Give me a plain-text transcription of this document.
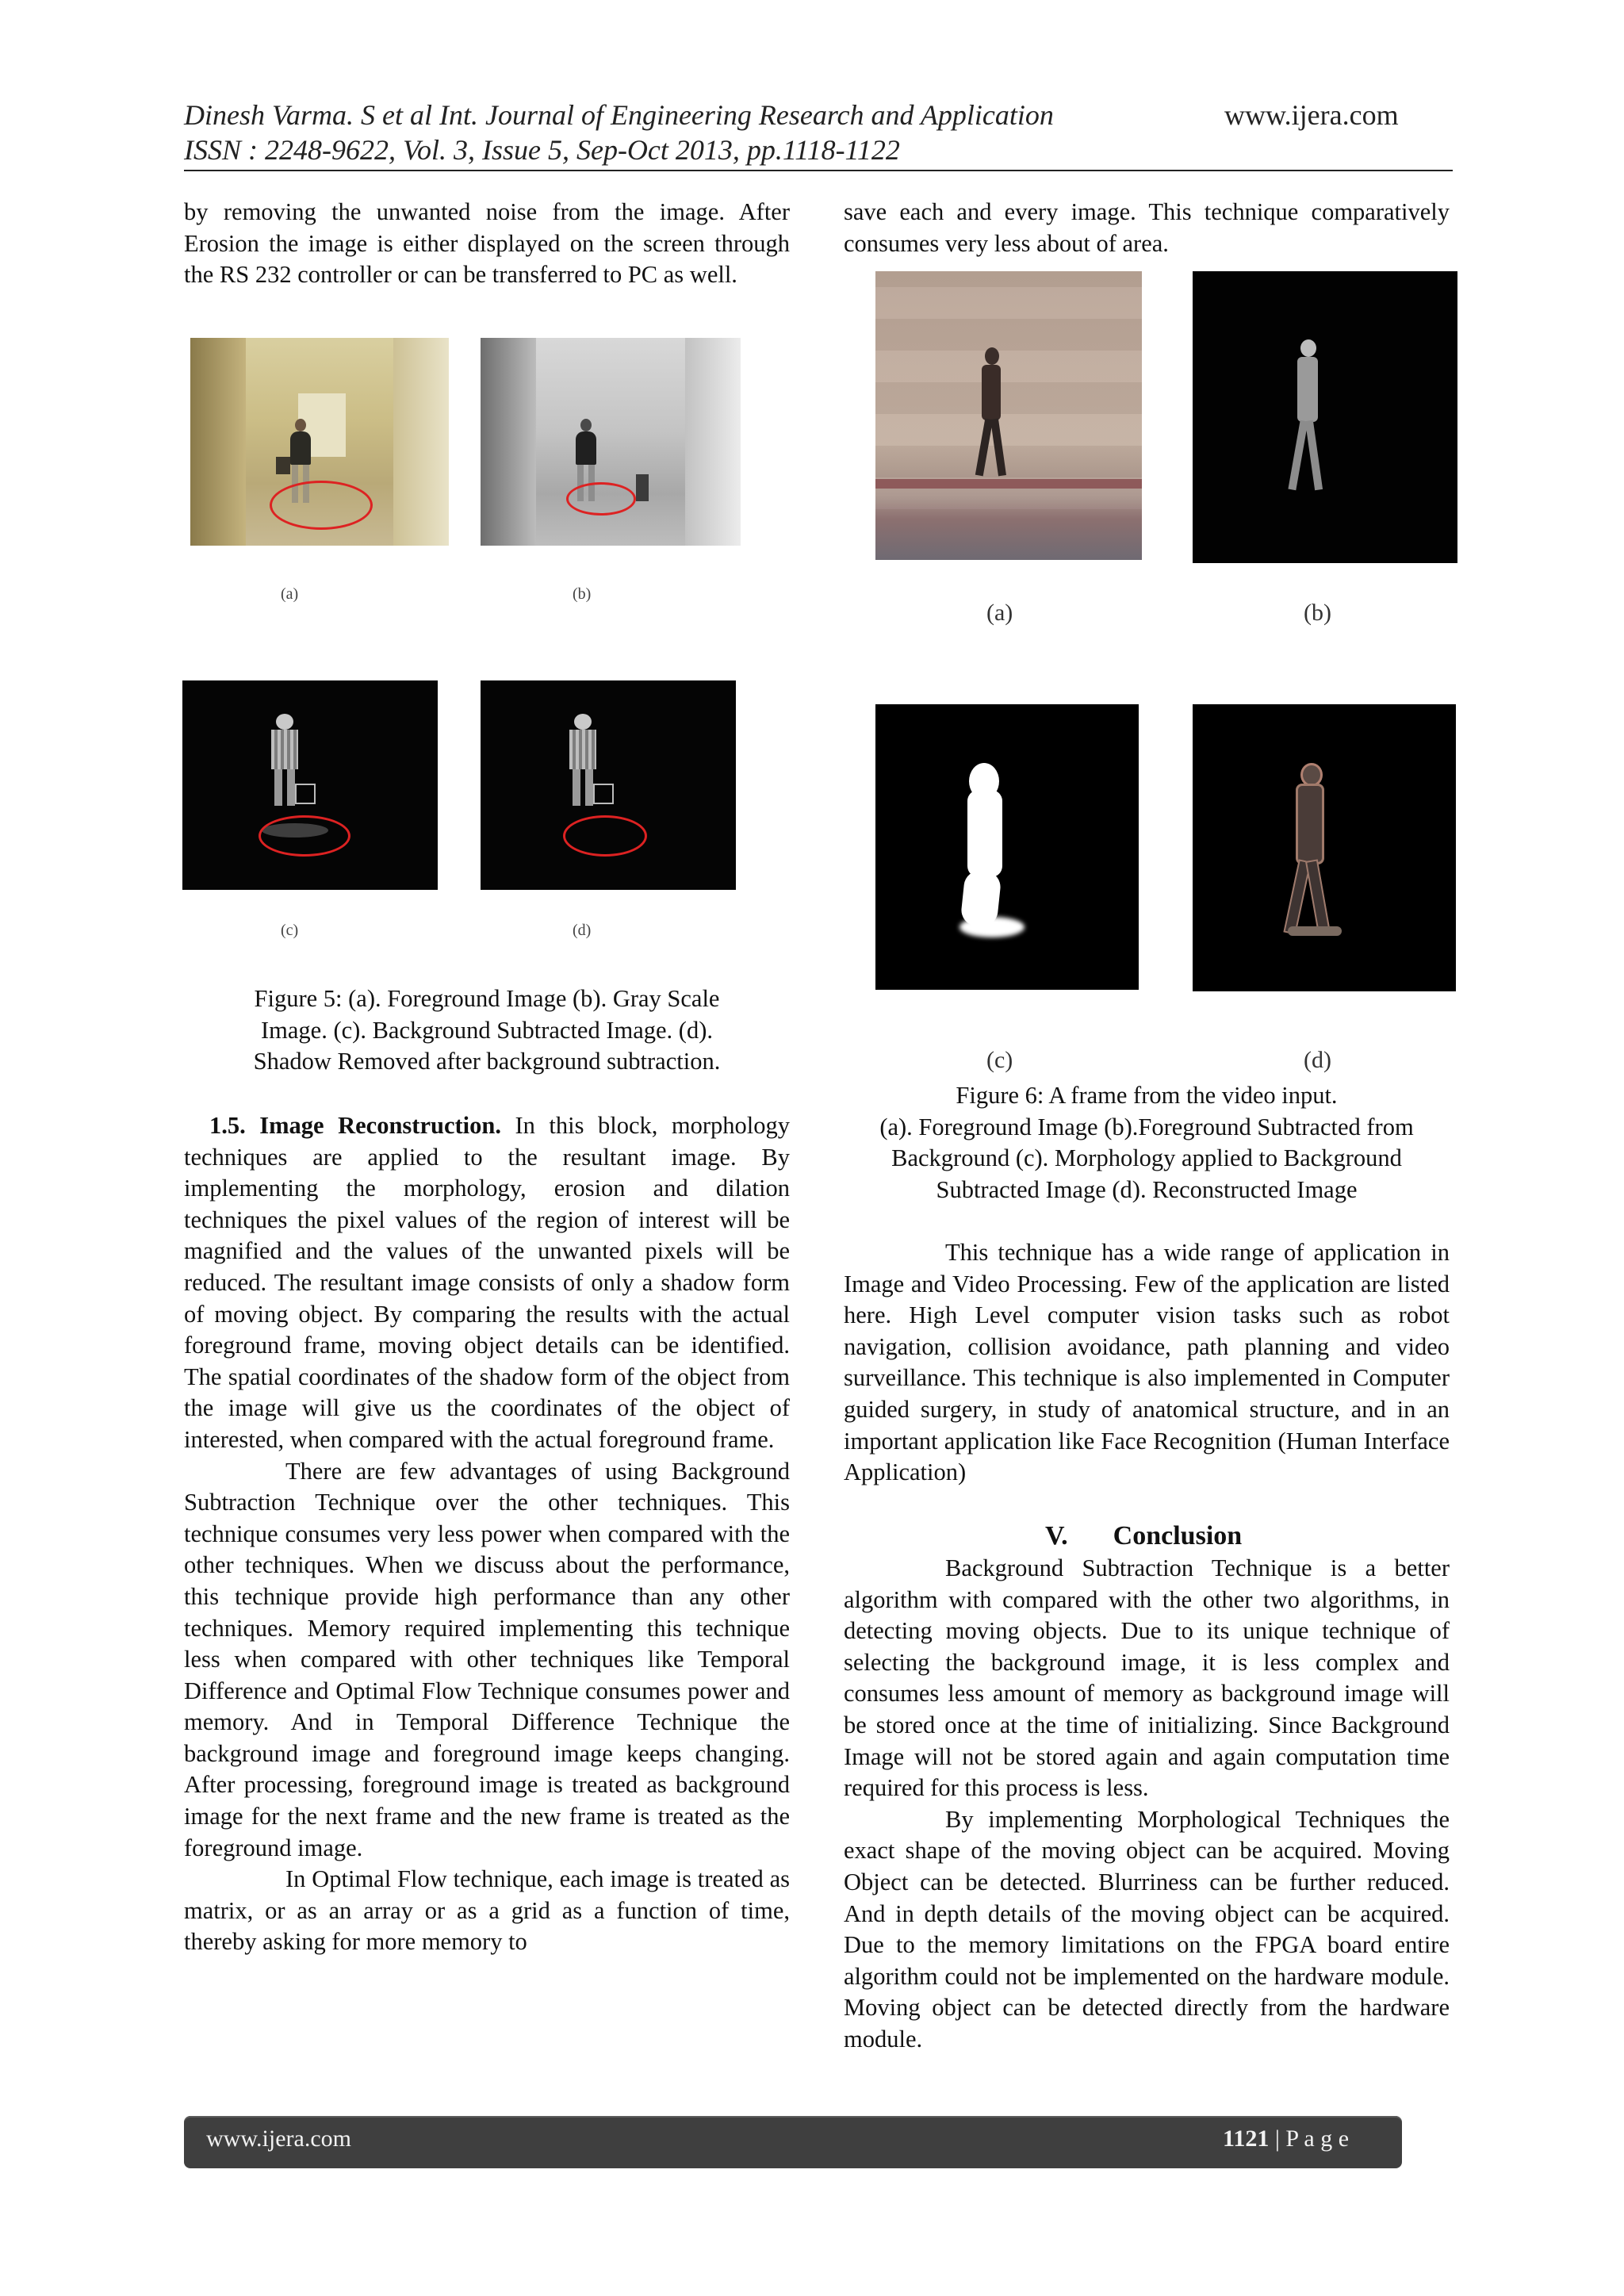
Dinesh Varma. S et al Int. Journal of Engineering Research and Application	www.ijera.com
ISSN : 2248-9622, Vol. 3, Issue 5, Sep-Oct 2013, pp.1118-1122

by removing the unwanted noise from the image. After Erosion the image is either displayed on the screen through the RS 232 controller or can be transferred to PC as well.

(a)	(b)
(c)	(d)
Figure 5: (a). Foreground Image (b). Gray Scale
Image. (c). Background Subtracted Image. (d).
Shadow Removed after background subtraction.

1.5. Image Reconstruction. In this block, morphology techniques are applied to the resultant image. By implementing the morphology, erosion and dilation techniques the pixel values of the region of interest will be magnified and the values of the unwanted pixels will be reduced. The resultant image consists of only a shadow form of moving object. By comparing the results with the actual foreground frame, moving object details can be identified. The spatial coordinates of the shadow form of the object from the image will give us the coordinates of the object of interested, when compared with the actual foreground frame.

There are few advantages of using Background Subtraction Technique over the other techniques. This technique consumes very less power when compared with the other techniques. When we discuss about the performance, this technique provide high performance than any other techniques. Memory required implementing this technique less when compared with other techniques like Temporal Difference and Optimal Flow Technique consumes power and memory. And in Temporal Difference Technique the background image and foreground image keeps changing. After processing, foreground image is treated as background image for the next frame and the new frame is treated as the foreground image.

In Optimal Flow technique, each image is treated as matrix, or as an array or as a grid as a function of time, thereby asking for more memory to

save each and every image. This technique comparatively consumes very less about of area.

(a)	(b)
(c)	(d)
Figure 6: A frame from the video input.
(a). Foreground Image (b).Foreground Subtracted from
Background (c). Morphology applied to Background
Subtracted Image (d). Reconstructed Image

This technique has a wide range of application in Image and Video Processing. Few of the application are listed here. High Level computer vision tasks such as robot navigation, collision avoidance, path planning and video surveillance. This technique is also implemented in Computer guided surgery, in study of anatomical structure, and in an important application like Face Recognition (Human Interface Application)

V. Conclusion

Background Subtraction Technique is a better algorithm with compared with the other two algorithms, in detecting moving objects. Due to its unique technique of selecting the background image, it is less complex and consumes less amount of memory as background image will be stored once at the time of initializing. Since Background Image will not be stored again and again computation time required for this process is less.

By implementing Morphological Techniques the exact shape of the moving object can be acquired. Moving Object can be detected. Blurriness can be further reduced. And in depth details of the moving object can be acquired. Due to the memory limitations on the FPGA board entire algorithm could not be implemented on the hardware module. Moving object can be detected directly from the hardware module.

www.ijera.com	1121 | P a g e
